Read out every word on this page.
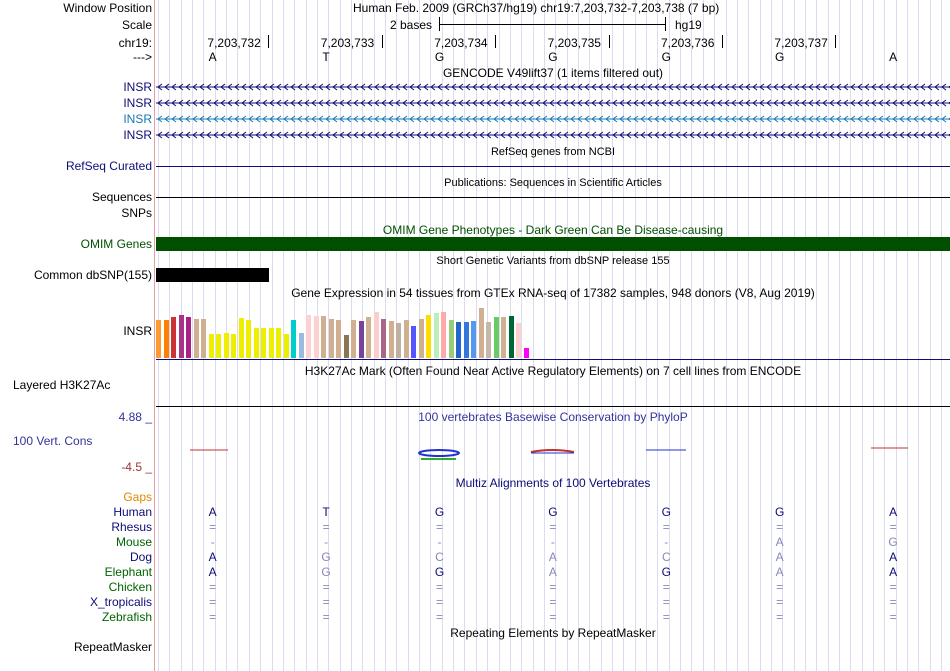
Window Position
Scale
chr19:
--->
INSR
INSR
INSR
INSR
RefSeq Curated
Sequences
SNPs
OMIM Genes
Common dbSNP(155)
INSR
Layered H3K27Ac
4.88 _
100 Vert. Cons
-4.5 _
Gaps
Human
Rhesus
Mouse
Dog
Elephant
Chicken
X_tropicalis
Zebrafish
RepeatMasker
Human Feb. 2009 (GRCh37/hg19) chr19:7,203,732-7,203,738 (7 bp)
2 bases	hg19
7,203,732	7,203,733	7,203,734	7,203,735	7,203,736	7,203,737
A	T	G	G	G	G	A
GENCODE V49lift37 (1 items filtered out)
RefSeq genes from NCBI
Publications: Sequences in Scientific Articles
OMIM Gene Phenotypes - Dark Green Can Be Disease-causing
Short Genetic Variants from dbSNP release 155
Gene Expression in 54 tissues from GTEx RNA-seq of 17382 samples, 948 donors (V8, Aug 2019)
H3K27Ac Mark (Often Found Near Active Regulatory Elements) on 7 cell lines from ENCODE
100 vertebrates Basewise Conservation by PhyloP
Multiz Alignments of 100 Vertebrates
A	T	G	G	G	G	A
=	=	=	=	=	=	=
-	-	-	-	-	A	G
A	G	C	A	C	A	A
A	G	G	A	G	A	A
=	=	=	=	=	=	=
=	=	=	=	=	=	=
=	=	=	=	=	=	=
Repeating Elements by RepeatMasker
